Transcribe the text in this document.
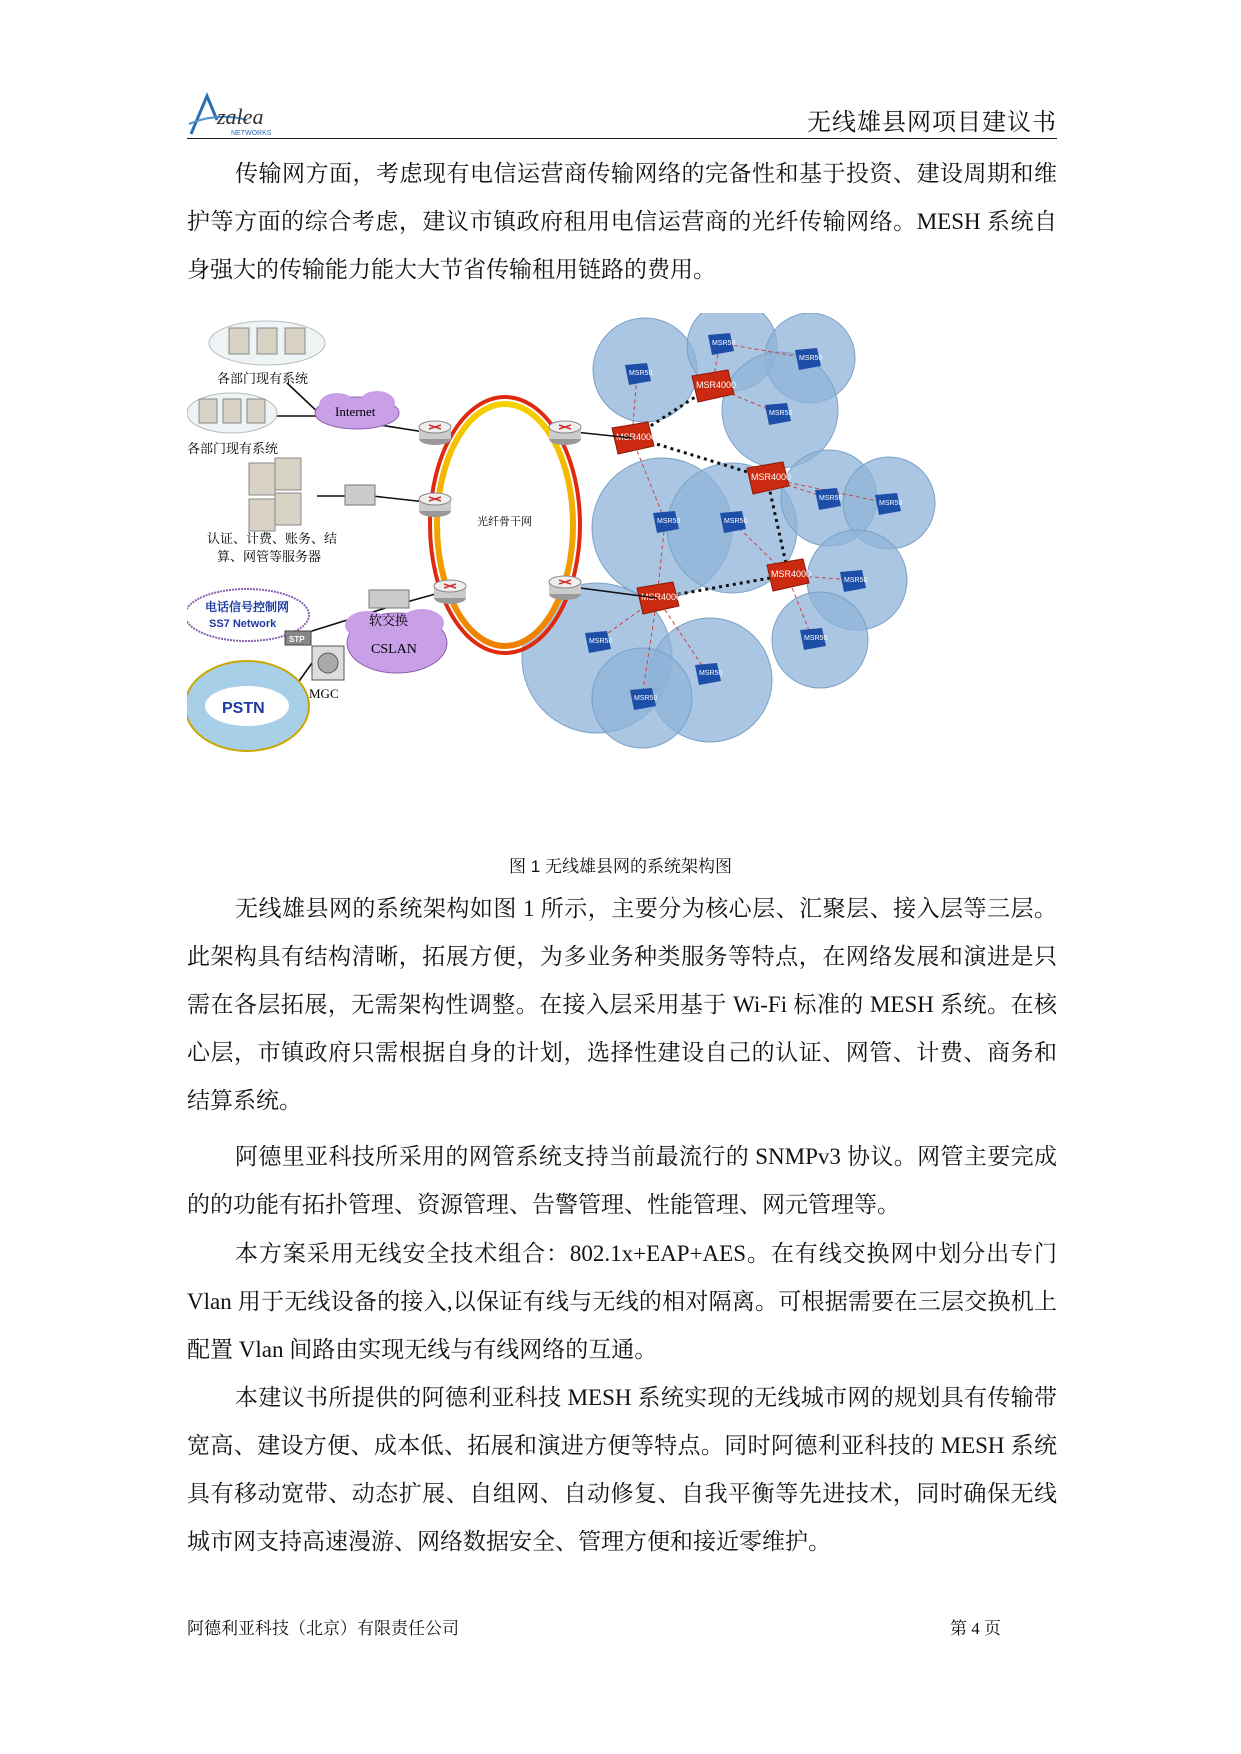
zalea
NETWORKS	无线雄县网项目建议书
传输网方面，考虑现有电信运营商传输网络的完备性和基于投资、建设周期和维护等方面的综合考虑，建议市镇政府租用电信运营商的光纤传输网络。MESH 系统自身强大的传输能力能大大节省传输租用链路的费用。
MSR50
MSR50
MSR50
MSR50
MSR50	MSR50
MSR50
MSR50
MSR50
MSR50
MSR50
MSR50
MSR50
MSR4000
MSR4000
MSR4000
MSR4000
MSR4000
光纤骨干网
Internet
各部门现有系统
各部门现有系统
认证、计费、账务、结
算、网管等服务器
电话信号控制网
SS7 Network	软交换
CSLAN
STP
MGC
PSTN
图 1 无线雄县网的系统架构图
无线雄县网的系统架构如图 1 所示，主要分为核心层、汇聚层、接入层等三层。此架构具有结构清晰，拓展方便，为多业务种类服务等特点，在网络发展和演进是只需在各层拓展，无需架构性调整。在接入层采用基于 Wi-Fi 标准的 MESH 系统。在核心层，市镇政府只需根据自身的计划，选择性建设自己的认证、网管、计费、商务和结算系统。
阿德里亚科技所采用的网管系统支持当前最流行的 SNMPv3 协议。网管主要完成的的功能有拓扑管理、资源管理、告警管理、性能管理、网元管理等。
本方案采用无线安全技术组合：802.1x+EAP+AES。在有线交换网中划分出专门 Vlan 用于无线设备的接入,以保证有线与无线的相对隔离。可根据需要在三层交换机上配置 Vlan 间路由实现无线与有线网络的互通。
本建议书所提供的阿德利亚科技 MESH 系统实现的无线城市网的规划具有传输带宽高、建设方便、成本低、拓展和演进方便等特点。同时阿德利亚科技的 MESH 系统具有移动宽带、动态扩展、自组网、自动修复、自我平衡等先进技术，同时确保无线城市网支持高速漫游、网络数据安全、管理方便和接近零维护。
阿德利亚科技（北京）有限责任公司	第 4 页
